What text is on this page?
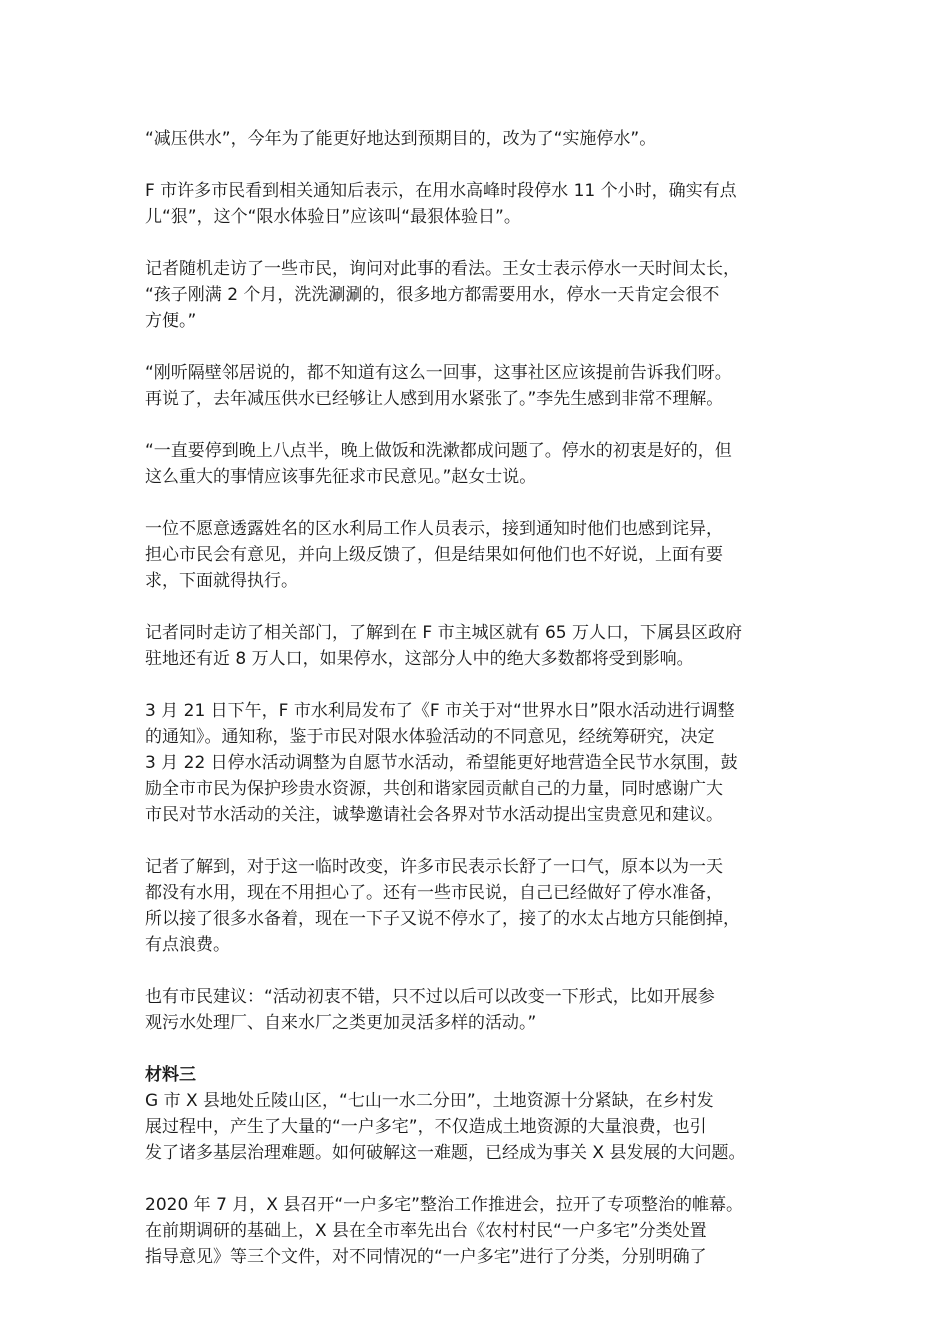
“减压供水”，今年为了能更好地达到预期目的，改为了“实施停水”。

F 市许多市民看到相关通知后表示，在用水高峰时段停水 11 个小时，确实有点
儿“狠”，这个“限水体验日”应该叫“最狠体验日”。

记者随机走访了一些市民，询问对此事的看法。王女士表示停水一天时间太长，
“孩子刚满 2 个月，洗洗涮涮的，很多地方都需要用水，停水一天肯定会很不
方便。”

“刚听隔壁邻居说的，都不知道有这么一回事，这事社区应该提前告诉我们呀。
再说了，去年减压供水已经够让人感到用水紧张了。”李先生感到非常不理解。

“一直要停到晚上八点半，晚上做饭和洗漱都成问题了。停水的初衷是好的，但
这么重大的事情应该事先征求市民意见。”赵女士说。

一位不愿意透露姓名的区水利局工作人员表示，接到通知时他们也感到诧异，
担心市民会有意见，并向上级反馈了，但是结果如何他们也不好说，上面有要
求，下面就得执行。

记者同时走访了相关部门，了解到在 F 市主城区就有 65 万人口，下属县区政府
驻地还有近 8 万人口，如果停水，这部分人中的绝大多数都将受到影响。

3 月 21 日下午，F 市水利局发布了《F 市关于对“世界水日”限水活动进行调整
的通知》。通知称，鉴于市民对限水体验活动的不同意见，经统筹研究，决定
3 月 22 日停水活动调整为自愿节水活动，希望能更好地营造全民节水氛围，鼓
励全市市民为保护珍贵水资源，共创和谐家园贡献自己的力量，同时感谢广大
市民对节水活动的关注，诚挚邀请社会各界对节水活动提出宝贵意见和建议。

记者了解到，对于这一临时改变，许多市民表示长舒了一口气，原本以为一天
都没有水用，现在不用担心了。还有一些市民说，自己已经做好了停水准备，
所以接了很多水备着，现在一下子又说不停水了，接了的水太占地方只能倒掉，
有点浪费。

也有市民建议：“活动初衷不错，只不过以后可以改变一下形式，比如开展参
观污水处理厂、自来水厂之类更加灵活多样的活动。”

材料三

G 市 X 县地处丘陵山区，“七山一水二分田”，土地资源十分紧缺，在乡村发
展过程中，产生了大量的“一户多宅”，不仅造成土地资源的大量浪费，也引
发了诸多基层治理难题。如何破解这一难题，已经成为事关 X 县发展的大问题。

2020 年 7 月，X 县召开“一户多宅”整治工作推进会，拉开了专项整治的帷幕。
在前期调研的基础上，X 县在全市率先出台《农村村民“一户多宅”分类处置
指导意见》等三个文件，对不同情况的“一户多宅”进行了分类，分别明确了
